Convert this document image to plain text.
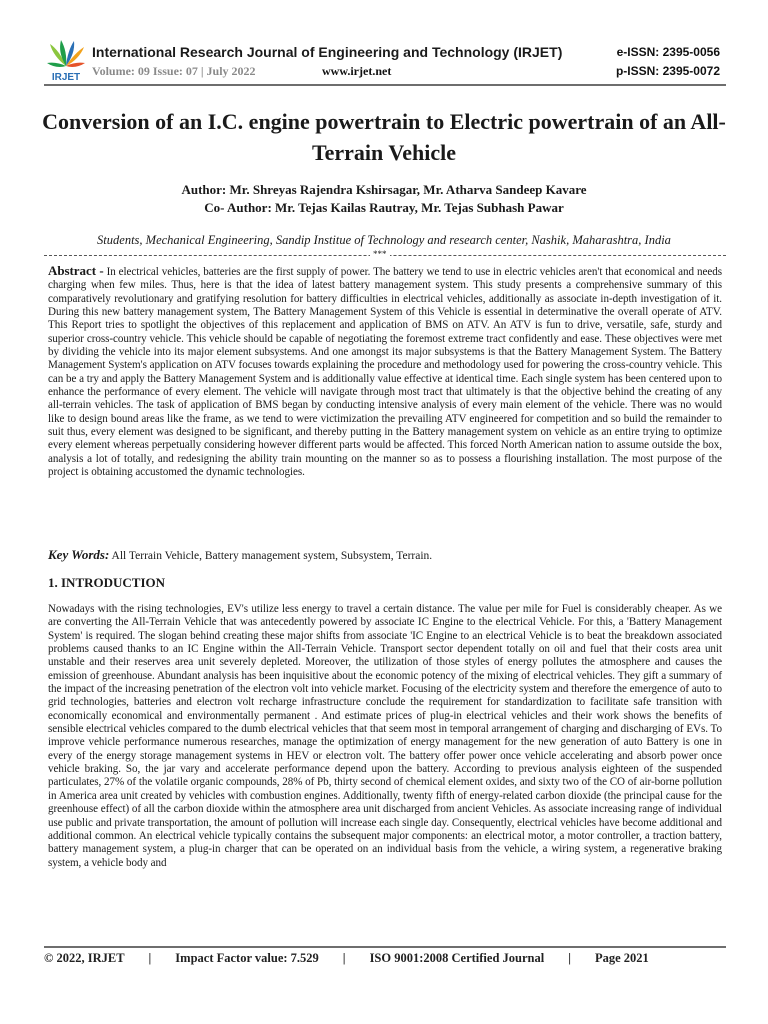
IRJET
International Research Journal of Engineering and Technology (IRJET)
Volume: 09 Issue: 07 | July 2022	www.irjet.net
e-ISSN: 2395-0056
p-ISSN: 2395-0072
Conversion of an I.C. engine powertrain to Electric powertrain of an All- Terrain Vehicle
Author: Mr. Shreyas Rajendra Kshirsagar, Mr. Atharva Sandeep Kavare
Co- Author: Mr. Tejas Kailas Rautray, Mr. Tejas Subhash Pawar
Students, Mechanical Engineering, Sandip Institue of Technology and research center, Nashik, Maharashtra, India
***
Abstract - In electrical vehicles, batteries are the first supply of power. The battery we tend to use in electric vehicles aren't that economical and needs charging when few miles. Thus, here is that the idea of latest battery management system. This study presents a comprehensive summary of this comparatively revolutionary and gratifying resolution for battery difficulties in electrical vehicles, additionally as associate in-depth investigation of it. During this new battery management system, The Battery Management System of this Vehicle is essential in determinative the overall operate of ATV. This Report tries to spotlight the objectives of this replacement and application of BMS on ATV. An ATV is fun to drive, versatile, safe, sturdy and superior cross-country vehicle. This vehicle should be capable of negotiating the foremost extreme tract confidently and ease. These objectives were met by dividing the vehicle into its major element subsystems. And one amongst its major subsystems is that the Battery Management System. The Battery Management System's application on ATV focuses towards explaining the procedure and methodology used for powering the cross-country vehicle. This can be a try and apply the Battery Management System and is additionally value effective at identical time. Each single system has been centered upon to enhance the performance of every element. The vehicle will navigate through most tract that ultimately is that the objective behind the creating of any all-terrain vehicles. The task of application of BMS began by conducting intensive analysis of every main element of the vehicle. There was no would like to design bound areas like the frame, as we tend to were victimization the prevailing ATV engineered for competition and so build the remainder to suit thus, every element was designed to be significant, and thereby putting in the Battery management system on vehicle as an entire trying to optimize every element whereas perpetually considering however different parts would be affected. This forced North American nation to assume outside the box, analysis a lot of totally, and redesigning the ability train mounting on the manner so as to possess a flourishing installation. The most purpose of the project is obtaining accustomed the dynamic technologies.
Key Words: All Terrain Vehicle, Battery management system, Subsystem, Terrain.
1. INTRODUCTION
Nowadays with the rising technologies, EV's utilize less energy to travel a certain distance. The value per mile for Fuel is considerably cheaper. As we are converting the All-Terrain Vehicle that was antecedently powered by associate IC Engine to the electrical Vehicle. For this, a 'Battery Management System' is required. The slogan behind creating these major shifts from associate 'IC Engine to an electrical Vehicle is to beat the breakdown associated problems caused thanks to an IC Engine within the All-Terrain Vehicle. Transport sector dependent totally on oil and fuel that their costs area unit unstable and their reserves area unit severely depleted. Moreover, the utilization of those styles of energy pollutes the atmosphere and causes the emission of greenhouse. Abundant analysis has been inquisitive about the economic potency of the mixing of electrical vehicles. They gift a summary of the impact of the increasing penetration of the electron volt into vehicle market. Focusing of the electricity system and therefore the emergence of auto to grid technologies, batteries and electron volt recharge infrastructure conclude the requirement for standardization to facilitate safe transition with economically economical and environmentally permanent . And estimate prices of plug-in electrical vehicles and their work shows the benefits of sensible electrical vehicles compared to the dumb electrical vehicles that that seem most in temporal arrangement of charging and discharging of EVs. To improve vehicle performance numerous researches, manage the optimization of energy management for the new generation of auto Battery is one in every of the energy storage management systems in HEV or electron volt. The battery offer power once vehicle accelerating and absorb power once vehicle braking. So, the jar vary and accelerate performance depend upon the battery. According to previous analysis eighteen of the suspended particulates, 27% of the volatile organic compounds, 28% of Pb, thirty second of chemical element oxides, and sixty two of the CO of air-borne pollution in America area unit created by vehicles with combustion engines. Additionally, twenty fifth of energy-related carbon dioxide (the principal cause for the greenhouse effect) of all the carbon dioxide within the atmosphere area unit discharged from ancient Vehicles. As associate increasing range of individual use public and private transportation, the amount of pollution will increase each single day. Consequently, electrical vehicles have become additional and additional common. An electrical vehicle typically contains the subsequent major components: an electrical motor, a motor controller, a traction battery, battery management system, a plug-in charger that can be operated on an individual basis from the vehicle, a wiring system, a regenerative braking system, a vehicle body and
© 2022, IRJET | Impact Factor value: 7.529 | ISO 9001:2008 Certified Journal | Page 2021
